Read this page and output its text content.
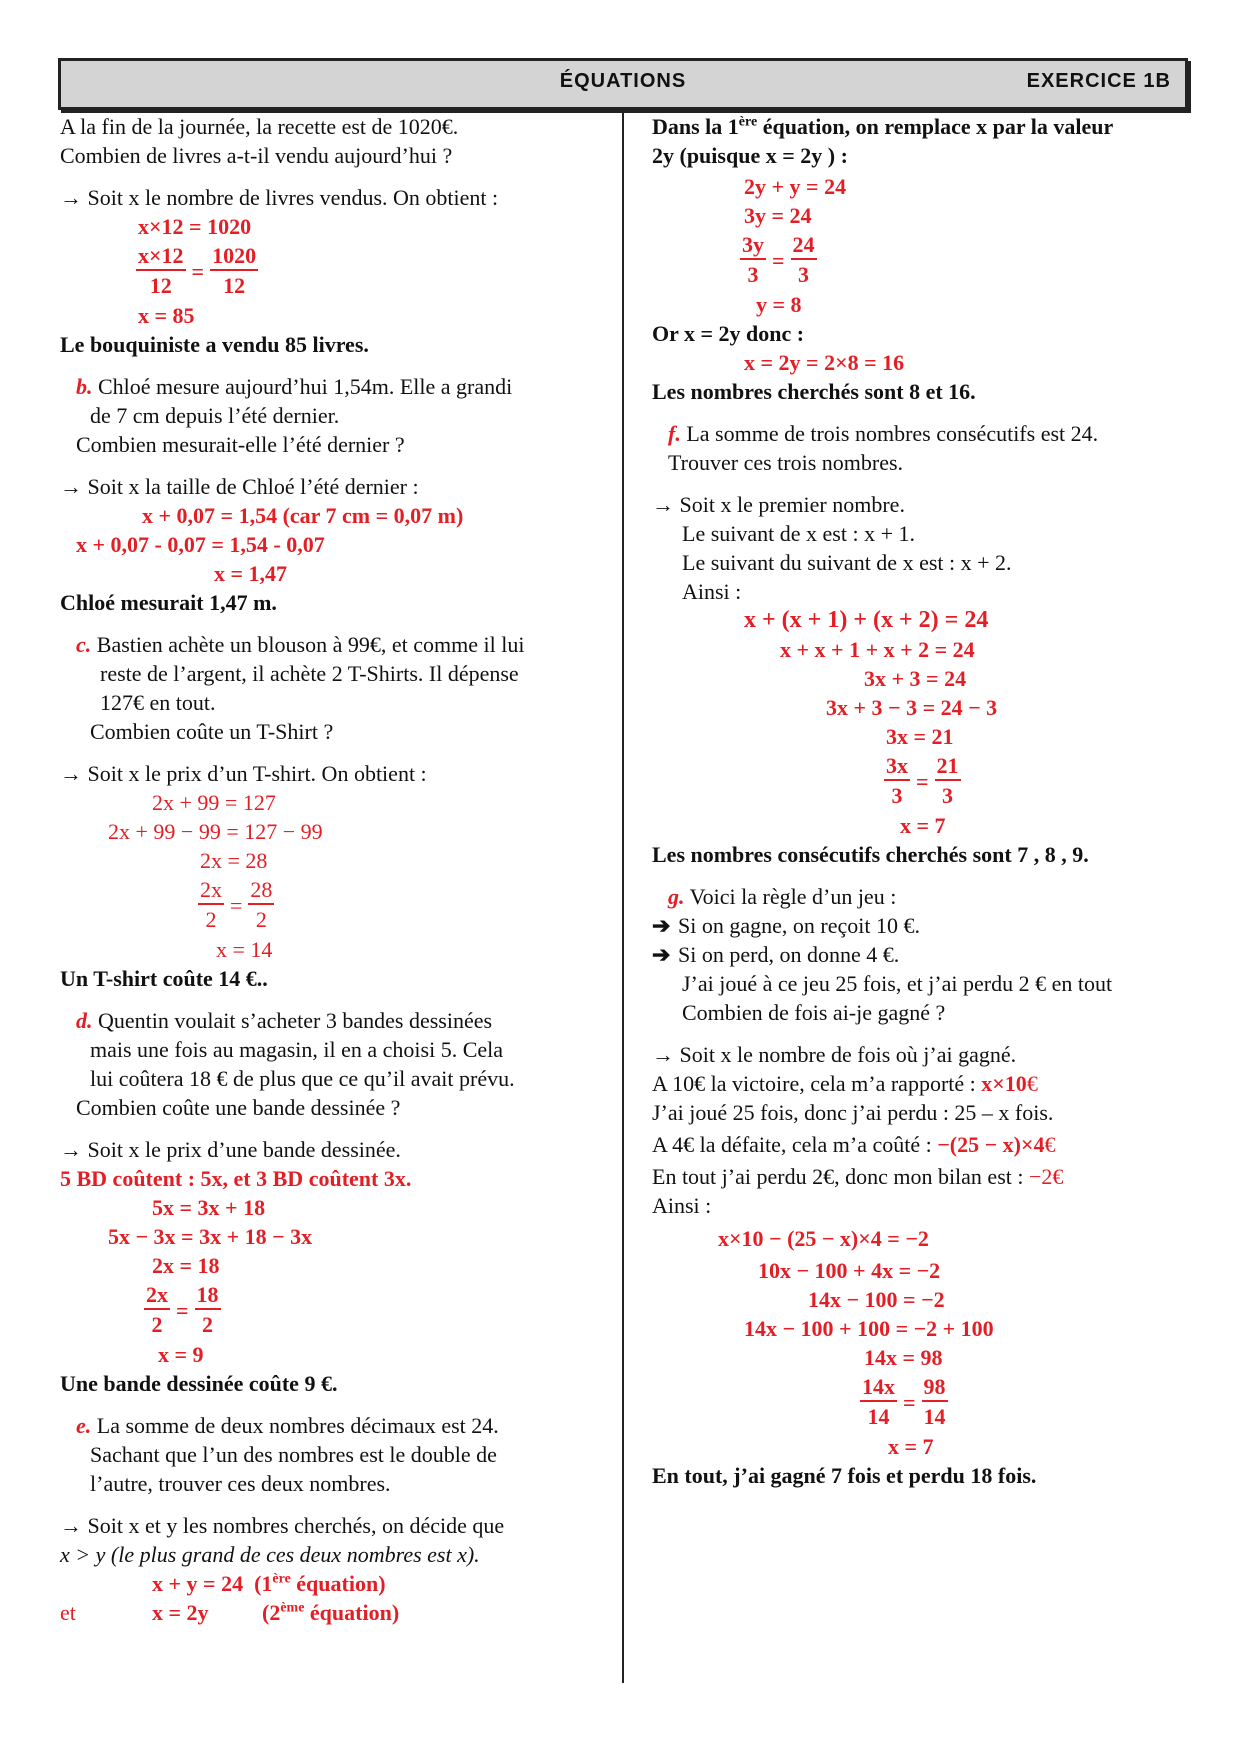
ÉQUATIONS	EXERCICE 1B
A la fin de la journée, la recette est de 1020€.
Combien de livres a-t-il vendu aujourd’hui ?
→ Soit x le nombre de livres vendus. On obtient :
x×12 = 1020
$\frac{x\times 12}{12} = \frac{1020}{12}$
x = 85
Le bouquiniste a vendu 85 livres.
b. Chloé mesure aujourd’hui 1,54m. Elle a grandi
de 7 cm depuis l’été dernier.
Combien mesurait-elle l’été dernier ?
→ Soit x la taille de Chloé l’été dernier :
x + 0,07 = 1,54 (car 7 cm = 0,07 m)
x + 0,07 - 0,07 = 1,54 - 0,07
x = 1,47
Chloé mesurait 1,47 m.
c. Bastien achète un blouson à 99€, et comme il lui
reste de l’argent, il achète 2 T-Shirts. Il dépense
127€ en tout.
Combien coûte un T-Shirt ?
→ Soit x le prix d’un T-shirt. On obtient :
2x + 99 = 127
2x + 99 − 99 = 127 − 99
2x = 28
$\frac{2x}{2} = \frac{28}{2}$
x = 14
Un T-shirt coûte 14 €..
d. Quentin voulait s’acheter 3 bandes dessinées
mais une fois au magasin, il en a choisi 5. Cela
lui coûtera 18 € de plus que ce qu’il avait prévu.
Combien coûte une bande dessinée ?
→ Soit x le prix d’une bande dessinée.
5 BD coûtent : 5x, et 3 BD coûtent 3x.
5x = 3x + 18
5x − 3x = 3x + 18 − 3x
2x = 18
$\frac{2x}{2} = \frac{18}{2}$
x = 9
Une bande dessinée coûte 9 €.
e. La somme de deux nombres décimaux est 24.
Sachant que l’un des nombres est le double de
l’autre, trouver ces deux nombres.
→ Soit x et y les nombres cherchés, on décide que
x > y (le plus grand de ces deux nombres est x).
x + y = 24 (1ère équation)
et	x = 2y (2ème équation)
Dans la 1ère équation, on remplace x par la valeur
2y (puisque x = 2y ) :
2y + y = 24
3y = 24
$\frac{3y}{3} = \frac{24}{3}$
y = 8
Or x = 2y donc :
x = 2y = 2×8 = 16
Les nombres cherchés sont 8 et 16.
f. La somme de trois nombres consécutifs est 24.
Trouver ces trois nombres.
→ Soit x le premier nombre.
Le suivant de x est : x + 1.
Le suivant du suivant de x est : x + 2.
Ainsi :
x + (x + 1) + (x + 2) = 24
x + x + 1 + x + 2 = 24
3x + 3 = 24
3x + 3 − 3 = 24 − 3
3x = 21
$\frac{3x}{3} = \frac{21}{3}$
x = 7
Les nombres consécutifs cherchés sont 7 , 8 , 9.
g. Voici la règle d’un jeu :
➔ Si on gagne, on reçoit 10 €.
➔ Si on perd, on donne 4 €.
J’ai joué à ce jeu 25 fois, et j’ai perdu 2 € en tout
Combien de fois ai-je gagné ?
→ Soit x le nombre de fois où j’ai gagné.
A 10€ la victoire, cela m’a rapporté : x×10€
J’ai joué 25 fois, donc j’ai perdu : 25 – x fois.
A 4€ la défaite, cela m’a coûté : −(25 − x)×4€
En tout j’ai perdu 2€, donc mon bilan est : −2€
Ainsi :
x×10 − (25 − x)×4 = −2
10x − 100 + 4x = −2
14x − 100 = −2
14x − 100 + 100 = −2 + 100
14x = 98
$\frac{14x}{14} = \frac{98}{14}$
x = 7
En tout, j’ai gagné 7 fois et perdu 18 fois.
